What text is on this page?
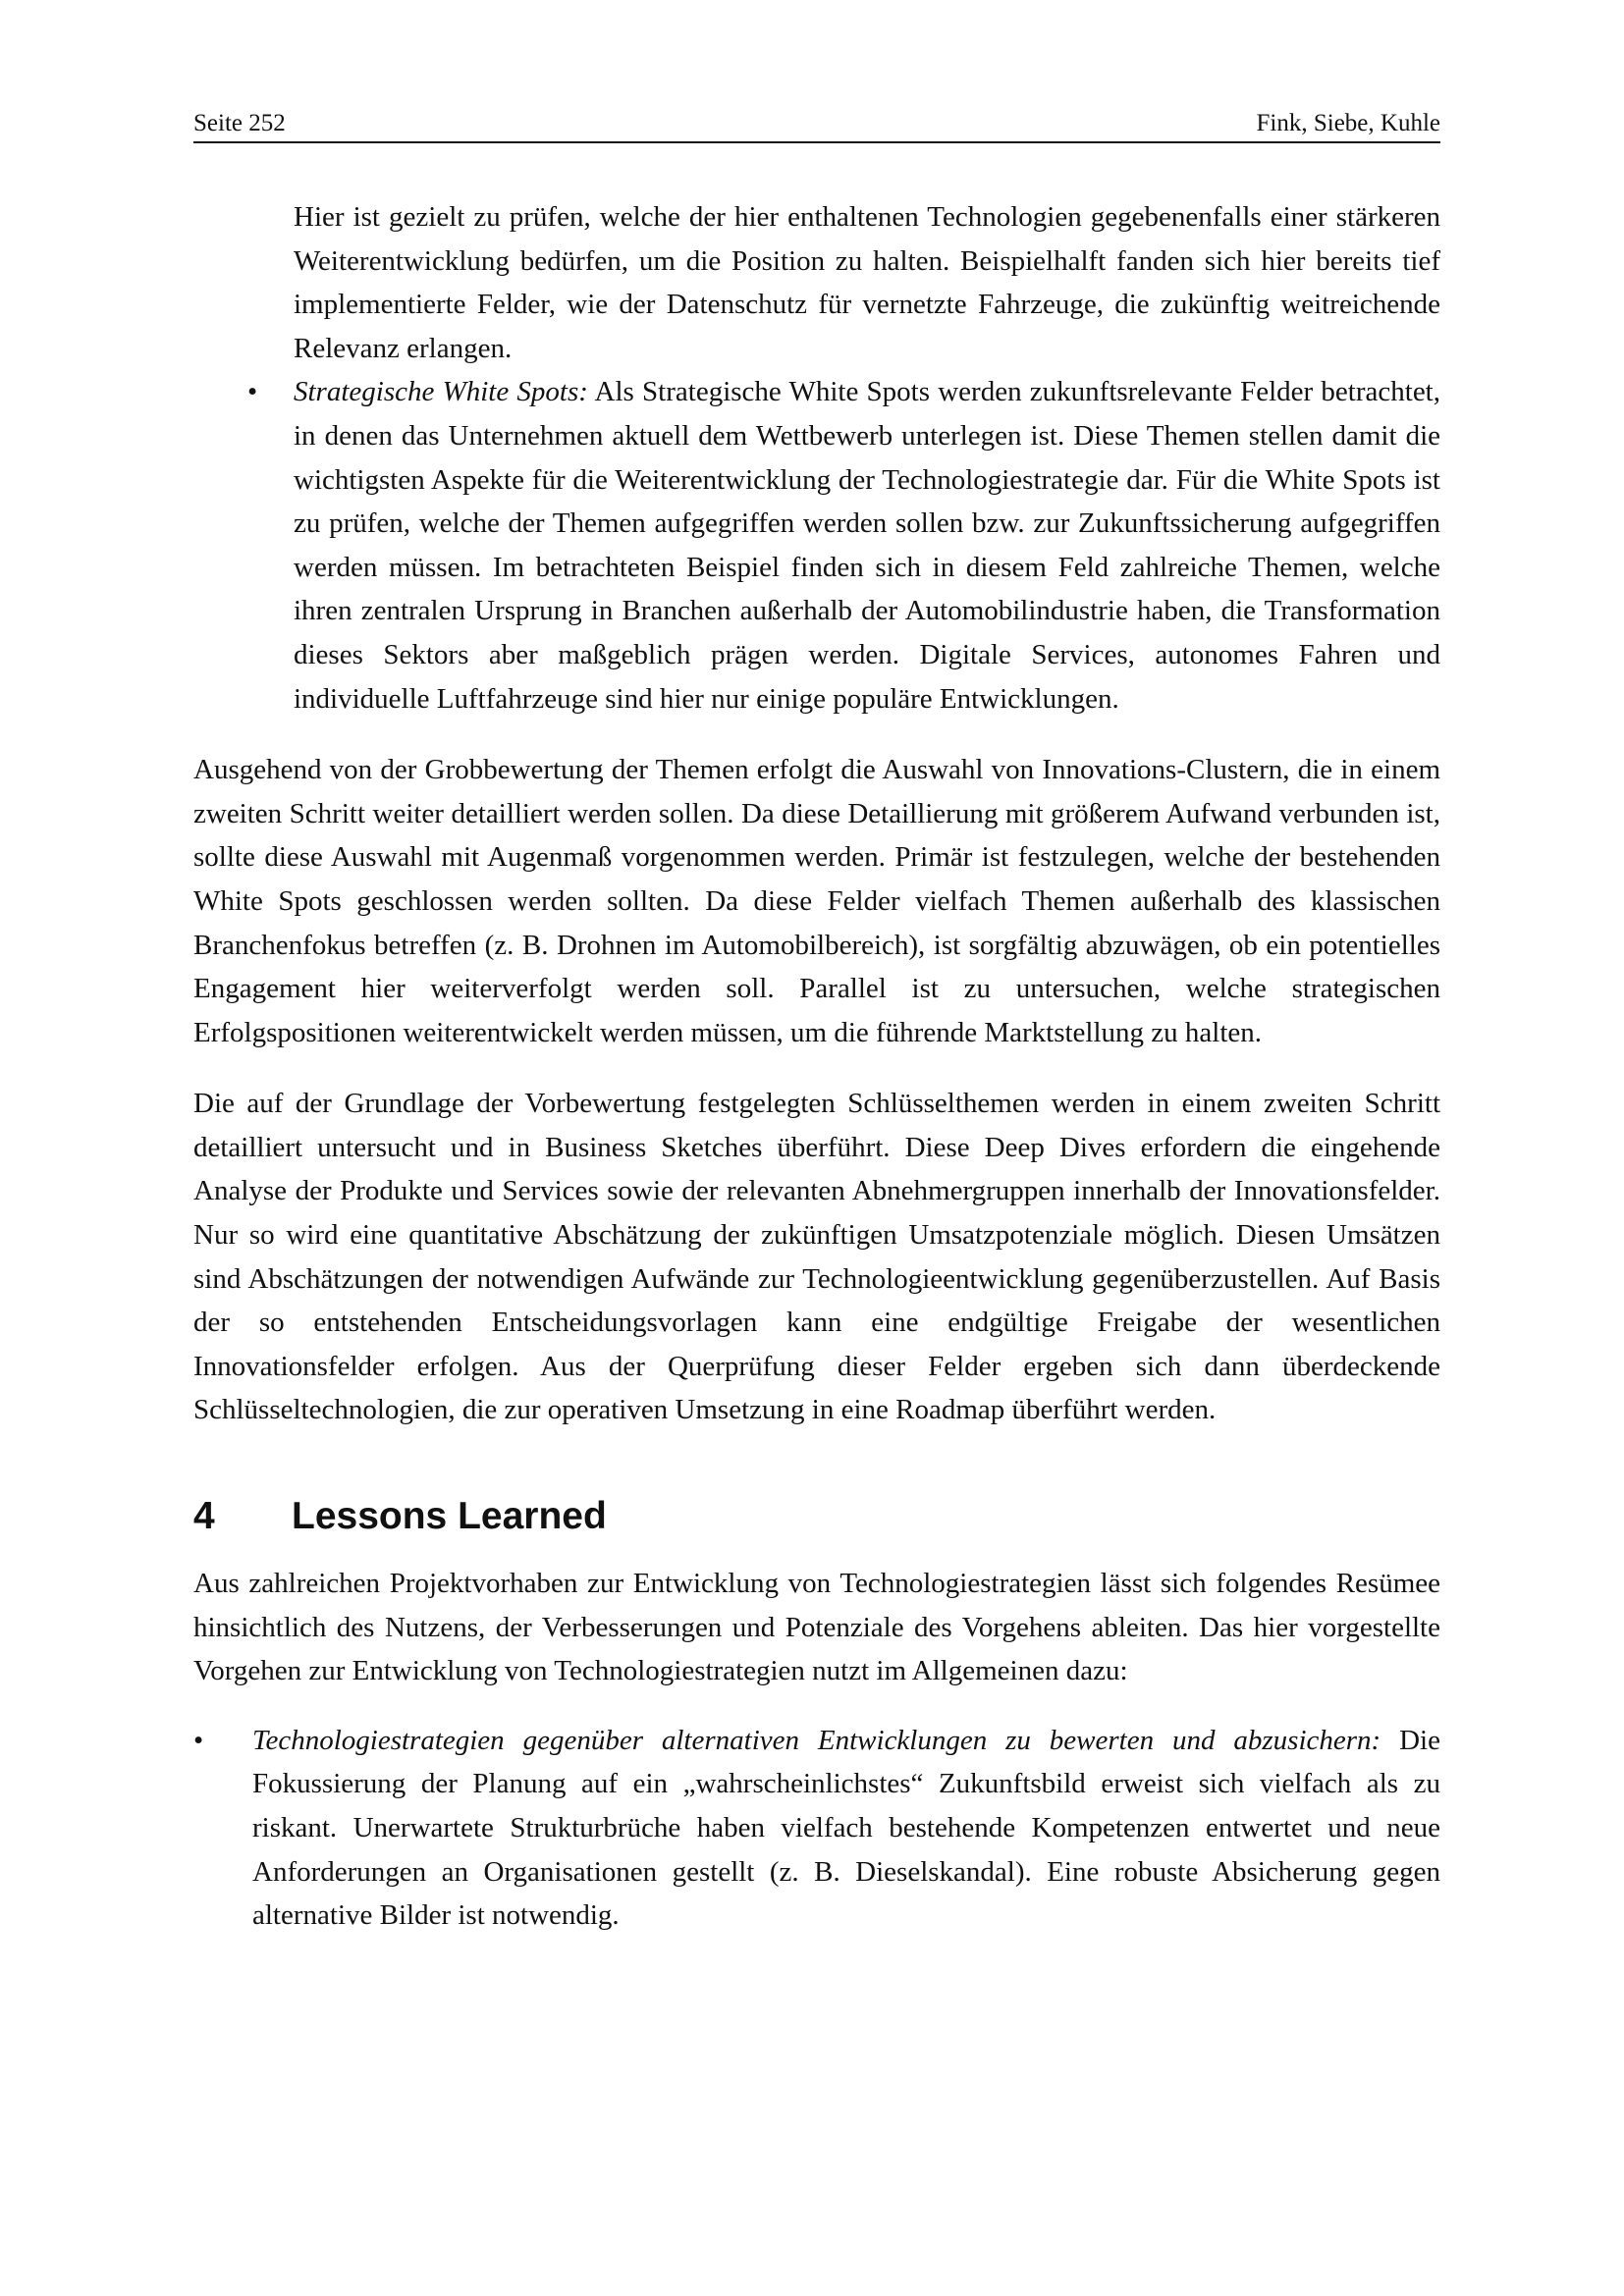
Seite 252	Fink, Siebe, Kuhle
Hier ist gezielt zu prüfen, welche der hier enthaltenen Technologien gegebenenfalls einer stärkeren Weiterentwicklung bedürfen, um die Position zu halten. Beispielhalft fanden sich hier bereits tief implementierte Felder, wie der Datenschutz für vernetzte Fahrzeuge, die zukünftig weitreichende Relevanz erlangen.
• Strategische White Spots: Als Strategische White Spots werden zukunftsrelevante Felder betrachtet, in denen das Unternehmen aktuell dem Wettbewerb unterlegen ist. Diese Themen stellen damit die wichtigsten Aspekte für die Weiterentwicklung der Technologiestrategie dar. Für die White Spots ist zu prüfen, welche der Themen aufgegriffen werden sollen bzw. zur Zukunftssicherung aufgegriffen werden müssen. Im betrachteten Beispiel finden sich in diesem Feld zahlreiche Themen, welche ihren zentralen Ursprung in Branchen außerhalb der Automobilindustrie haben, die Transformation dieses Sektors aber maßgeblich prägen werden. Digitale Services, autonomes Fahren und individuelle Luftfahrzeuge sind hier nur einige populäre Entwicklungen.

Ausgehend von der Grobbewertung der Themen erfolgt die Auswahl von Innovations-Clustern, die in einem zweiten Schritt weiter detailliert werden sollen. Da diese Detaillierung mit größerem Aufwand verbunden ist, sollte diese Auswahl mit Augenmaß vorgenommen werden. Primär ist festzulegen, welche der bestehenden White Spots geschlossen werden sollten. Da diese Felder vielfach Themen außerhalb des klassischen Branchenfokus betreffen (z. B. Drohnen im Automobilbereich), ist sorgfältig abzuwägen, ob ein potentielles Engagement hier weiterverfolgt werden soll. Parallel ist zu untersuchen, welche strategischen Erfolgspositionen weiterentwickelt werden müssen, um die führende Marktstellung zu halten.

Die auf der Grundlage der Vorbewertung festgelegten Schlüsselthemen werden in einem zweiten Schritt detailliert untersucht und in Business Sketches überführt. Diese Deep Dives erfordern die eingehende Analyse der Produkte und Services sowie der relevanten Abnehmergruppen innerhalb der Innovationsfelder. Nur so wird eine quantitative Abschätzung der zukünftigen Umsatzpotenziale möglich. Diesen Umsätzen sind Abschätzungen der notwendigen Aufwände zur Technologieentwicklung gegenüberzustellen. Auf Basis der so entstehenden Entscheidungsvorlagen kann eine endgültige Freigabe der wesentlichen Innovationsfelder erfolgen. Aus der Querprüfung dieser Felder ergeben sich dann überdeckende Schlüsseltechnologien, die zur operativen Umsetzung in eine Roadmap überführt werden.

4 Lessons Learned

Aus zahlreichen Projektvorhaben zur Entwicklung von Technologiestrategien lässt sich folgendes Resümee hinsichtlich des Nutzens, der Verbesserungen und Potenziale des Vorgehens ableiten. Das hier vorgestellte Vorgehen zur Entwicklung von Technologiestrategien nutzt im Allgemeinen dazu:

• Technologiestrategien gegenüber alternativen Entwicklungen zu bewerten und abzusichern: Die Fokussierung der Planung auf ein „wahrscheinlichstes“ Zukunftsbild erweist sich vielfach als zu riskant. Unerwartete Strukturbrüche haben vielfach bestehende Kompetenzen entwertet und neue Anforderungen an Organisationen gestellt (z. B. Dieselskandal). Eine robuste Absicherung gegen alternative Bilder ist notwendig.
